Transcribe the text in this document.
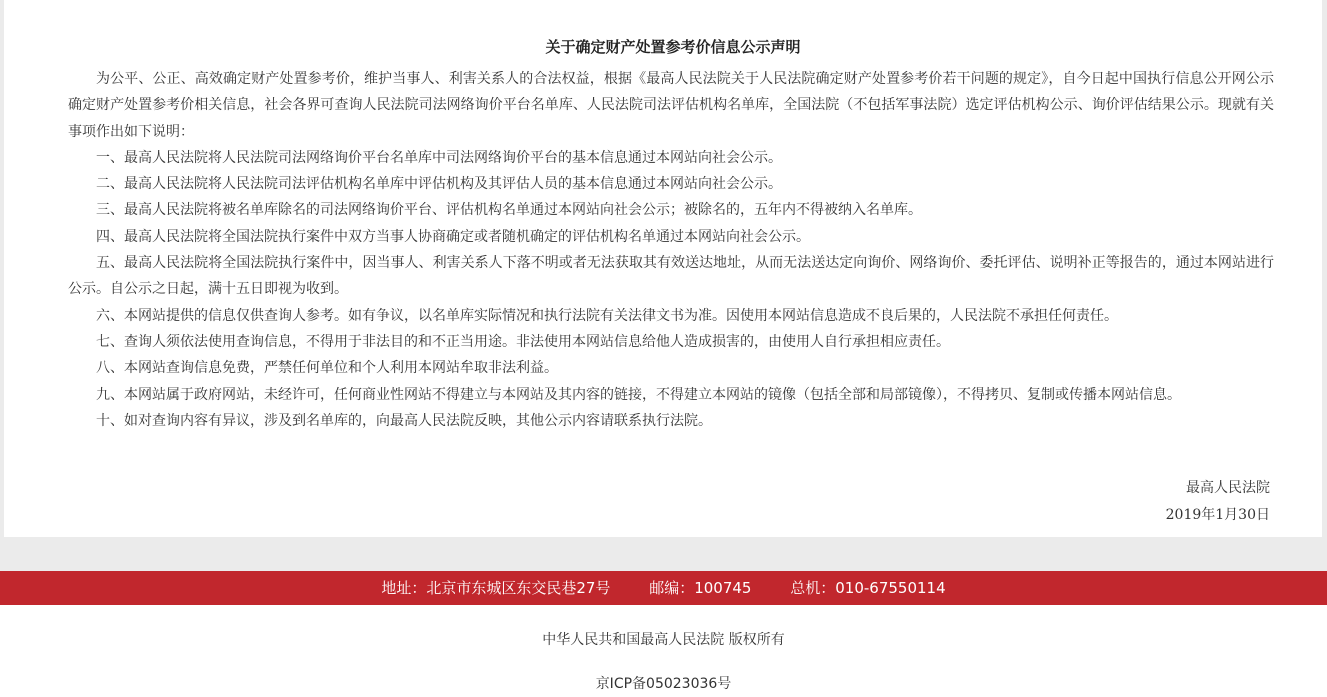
关于确定财产处置参考价信息公示声明

为公平、公正、高效确定财产处置参考价，维护当事人、利害关系人的合法权益，根据《最高人民法院关于人民法院确定财产处置参考价若干问题的规定》，自今日起中国执行信息公开网公示确定财产处置参考价相关信息，社会各界可查询人民法院司法网络询价平台名单库、人民法院司法评估机构名单库，全国法院（不包括军事法院）选定评估机构公示、询价评估结果公示。现就有关事项作出如下说明：

一、最高人民法院将人民法院司法网络询价平台名单库中司法网络询价平台的基本信息通过本网站向社会公示。

二、最高人民法院将人民法院司法评估机构名单库中评估机构及其评估人员的基本信息通过本网站向社会公示。

三、最高人民法院将被名单库除名的司法网络询价平台、评估机构名单通过本网站向社会公示；被除名的，五年内不得被纳入名单库。

四、最高人民法院将全国法院执行案件中双方当事人协商确定或者随机确定的评估机构名单通过本网站向社会公示。

五、最高人民法院将全国法院执行案件中，因当事人、利害关系人下落不明或者无法获取其有效送达地址，从而无法送达定向询价、网络询价、委托评估、说明补正等报告的，通过本网站进行公示。自公示之日起，满十五日即视为收到。

六、本网站提供的信息仅供查询人参考。如有争议，以名单库实际情况和执行法院有关法律文书为准。因使用本网站信息造成不良后果的，人民法院不承担任何责任。

七、查询人须依法使用查询信息，不得用于非法目的和不正当用途。非法使用本网站信息给他人造成损害的，由使用人自行承担相应责任。

八、本网站查询信息免费，严禁任何单位和个人利用本网站牟取非法利益。

九、本网站属于政府网站，未经许可，任何商业性网站不得建立与本网站及其内容的链接，不得建立本网站的镜像（包括全部和局部镜像），不得拷贝、复制或传播本网站信息。

十、如对查询内容有异议，涉及到名单库的，向最高人民法院反映，其他公示内容请联系执行法院。

最高人民法院
2019年1月30日
地址：北京市东城区东交民巷27号	邮编：100745	总机：010-67550114
中华人民共和国最高人民法院 版权所有
京ICP备05023036号
